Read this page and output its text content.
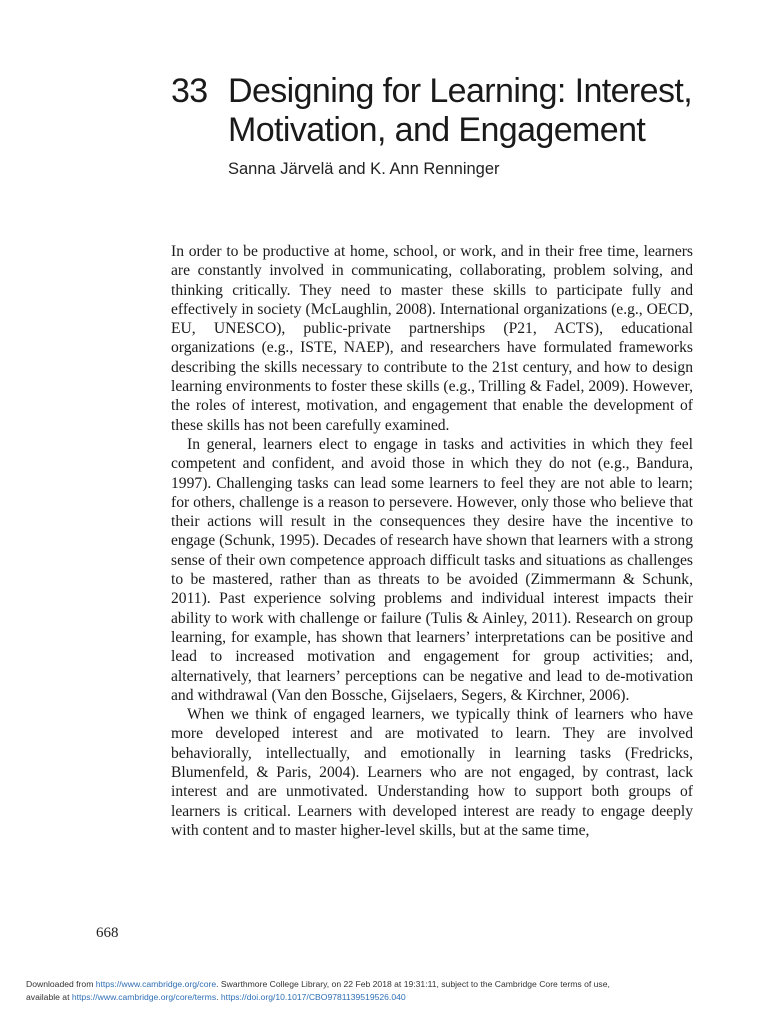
33 Designing for Learning: Interest,
Motivation, and Engagement
Sanna Järvelä and K. Ann Renninger

In order to be productive at home, school, or work, and in their free time, learners are constantly involved in communicating, collaborating, problem solving, and thinking critically. They need to master these skills to participate fully and effectively in society (McLaughlin, 2008). International organizations (e.g., OECD, EU, UNESCO), public-private partnerships (P21, ACTS), educational organizations (e.g., ISTE, NAEP), and researchers have formulated frameworks describing the skills necessary to contribute to the 21st century, and how to design learning environments to foster these skills (e.g., Trilling & Fadel, 2009). However, the roles of interest, motivation, and engagement that enable the development of these skills has not been carefully examined.

In general, learners elect to engage in tasks and activities in which they feel competent and confident, and avoid those in which they do not (e.g., Bandura, 1997). Challenging tasks can lead some learners to feel they are not able to learn; for others, challenge is a reason to persevere. However, only those who believe that their actions will result in the consequences they desire have the incentive to engage (Schunk, 1995). Decades of research have shown that learners with a strong sense of their own competence approach difficult tasks and situations as challenges to be mastered, rather than as threats to be avoided (Zimmermann & Schunk, 2011). Past experience solving problems and individual interest impacts their ability to work with challenge or failure (Tulis & Ainley, 2011). Research on group learning, for example, has shown that learners’ interpretations can be positive and lead to increased motivation and engagement for group activities; and, alternatively, that learners’ perceptions can be negative and lead to de-motivation and withdrawal (Van den Bossche, Gijselaers, Segers, & Kirchner, 2006).

When we think of engaged learners, we typically think of learners who have more developed interest and are motivated to learn. They are involved behaviorally, intellectually, and emotionally in learning tasks (Fredricks, Blumenfeld, & Paris, 2004). Learners who are not engaged, by contrast, lack interest and are unmotivated. Understanding how to support both groups of learners is critical. Learners with developed interest are ready to engage deeply with content and to master higher-level skills, but at the same time,

668
Downloaded from https://www.cambridge.org/core. Swarthmore College Library, on 22 Feb 2018 at 19:31:11, subject to the Cambridge Core terms of use,
available at https://www.cambridge.org/core/terms. https://doi.org/10.1017/CBO9781139519526.040
